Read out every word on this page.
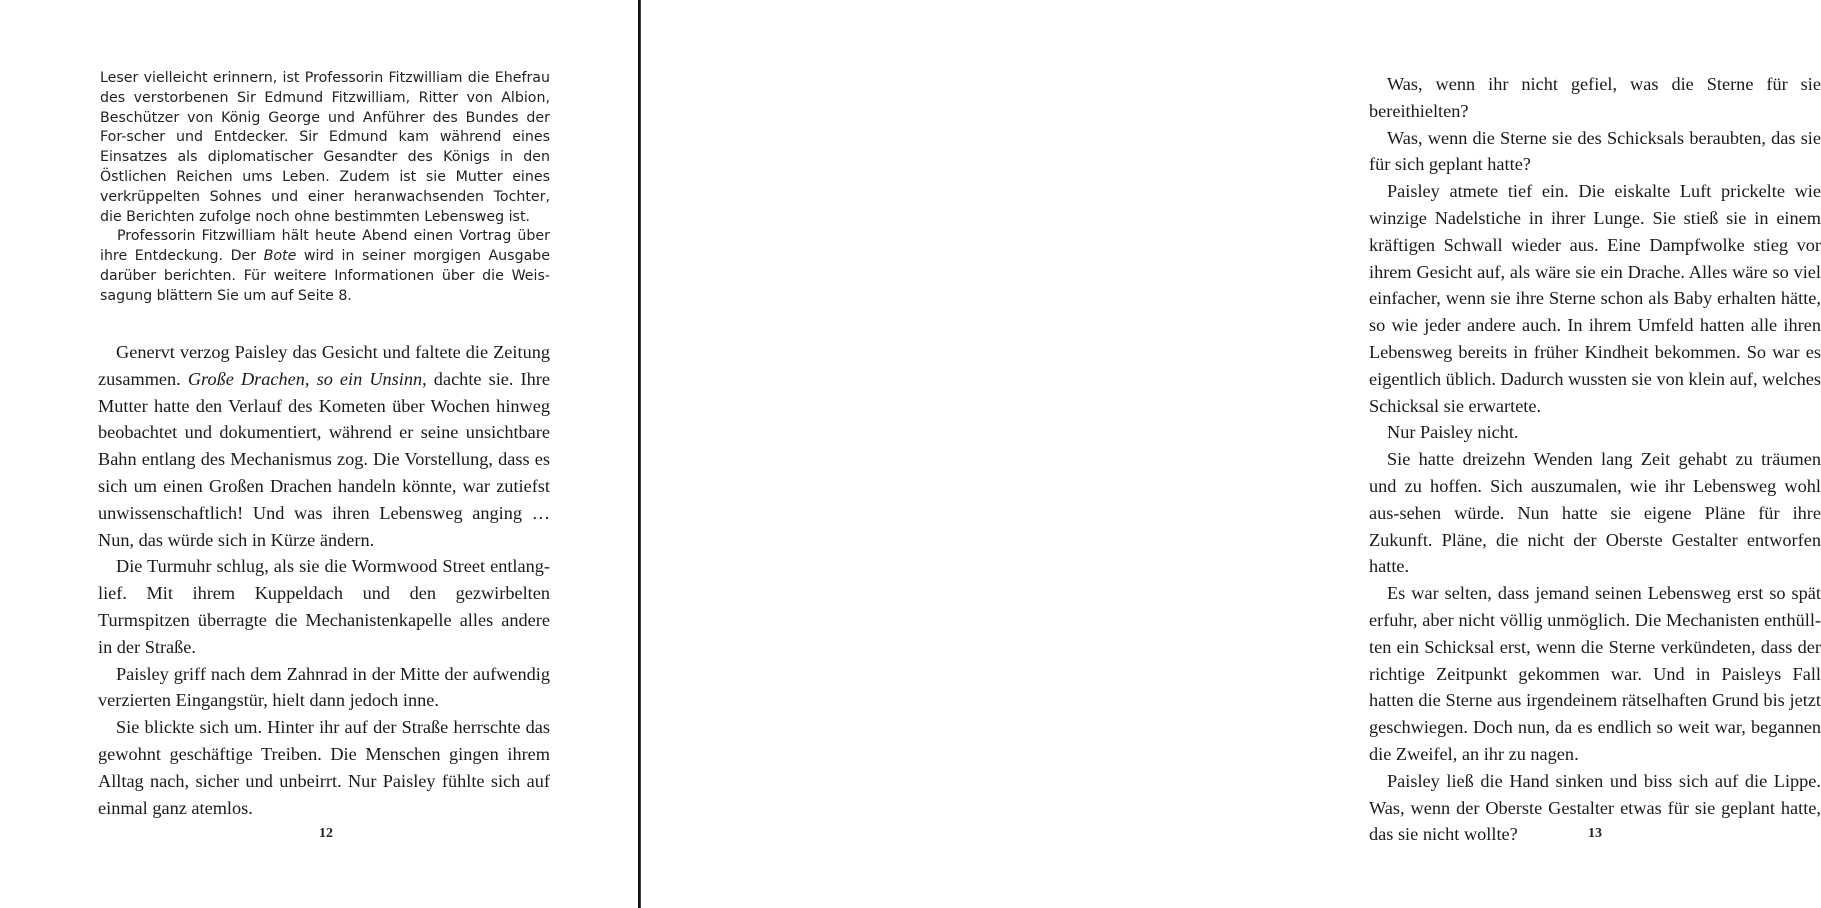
Leser vielleicht erinnern, ist Professorin Fitzwilliam die Ehefrau des verstorbenen Sir Edmund Fitzwilliam, Ritter von Albion, Beschützer von König George und Anführer des Bundes der For-scher und Entdecker. Sir Edmund kam während eines Einsatzes als diplomatischer Gesandter des Königs in den Östlichen Reichen ums Leben. Zudem ist sie Mutter eines verkrüppelten Sohnes und einer heranwachsenden Tochter, die Berichten zufolge noch ohne bestimmten Lebensweg ist.

Professorin Fitzwilliam hält heute Abend einen Vortrag über ihre Entdeckung. Der Bote wird in seiner morgigen Ausgabe darüber berichten. Für weitere Informationen über die Weis-sagung blättern Sie um auf Seite 8.

Genervt verzog Paisley das Gesicht und faltete die Zeitung zusammen. Große Drachen, so ein Unsinn, dachte sie. Ihre Mutter hatte den Verlauf des Kometen über Wochen hinweg beobachtet und dokumentiert, während er seine unsichtbare Bahn entlang des Mechanismus zog. Die Vorstellung, dass es sich um einen Großen Drachen handeln könnte, war zutiefst unwissenschaftlich! Und was ihren Lebensweg anging … Nun, das würde sich in Kürze ändern.

Die Turmuhr schlug, als sie die Wormwood Street entlang-lief. Mit ihrem Kuppeldach und den gezwirbelten Turmspitzen überragte die Mechanistenkapelle alles andere in der Straße.

Paisley griff nach dem Zahnrad in der Mitte der aufwendig verzierten Eingangstür, hielt dann jedoch inne.

Sie blickte sich um. Hinter ihr auf der Straße herrschte das gewohnt geschäftige Treiben. Die Menschen gingen ihrem Alltag nach, sicher und unbeirrt. Nur Paisley fühlte sich auf einmal ganz atemlos.

12

Was, wenn ihr nicht gefiel, was die Sterne für sie bereithielten?

Was, wenn die Sterne sie des Schicksals beraubten, das sie für sich geplant hatte?

Paisley atmete tief ein. Die eiskalte Luft prickelte wie winzige Nadelstiche in ihrer Lunge. Sie stieß sie in einem kräftigen Schwall wieder aus. Eine Dampfwolke stieg vor ihrem Gesicht auf, als wäre sie ein Drache. Alles wäre so viel einfacher, wenn sie ihre Sterne schon als Baby erhalten hätte, so wie jeder andere auch. In ihrem Umfeld hatten alle ihren Lebensweg bereits in früher Kindheit bekommen. So war es eigentlich üblich. Dadurch wussten sie von klein auf, welches Schicksal sie erwartete.

Nur Paisley nicht.

Sie hatte dreizehn Wenden lang Zeit gehabt zu träumen und zu hoffen. Sich auszumalen, wie ihr Lebensweg wohl aus-sehen würde. Nun hatte sie eigene Pläne für ihre Zukunft. Pläne, die nicht der Oberste Gestalter entworfen hatte.

Es war selten, dass jemand seinen Lebensweg erst so spät erfuhr, aber nicht völlig unmöglich. Die Mechanisten enthüll-ten ein Schicksal erst, wenn die Sterne verkündeten, dass der richtige Zeitpunkt gekommen war. Und in Paisleys Fall hatten die Sterne aus irgendeinem rätselhaften Grund bis jetzt geschwiegen. Doch nun, da es endlich so weit war, begannen die Zweifel, an ihr zu nagen.

Paisley ließ die Hand sinken und biss sich auf die Lippe. Was, wenn der Oberste Gestalter etwas für sie geplant hatte, das sie nicht wollte?	13
